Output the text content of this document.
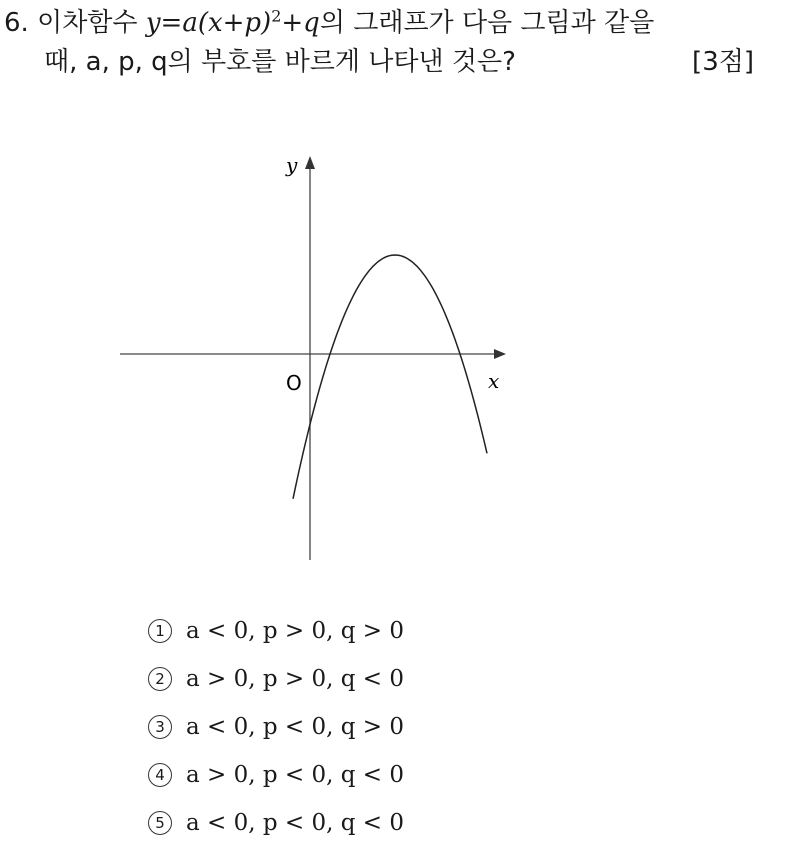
6. 이차함수 $y=a(x+p)^2+q$의 그래프가 다음 그림과 같을
때, a, p, q의 부호를 바르게 나타낸 것은?	[3점]
y
x
O
1 a < 0, p > 0, q > 0
2 a > 0, p > 0, q < 0
3 a < 0, p < 0, q > 0
4 a > 0, p < 0, q < 0
5 a < 0, p < 0, q < 0
